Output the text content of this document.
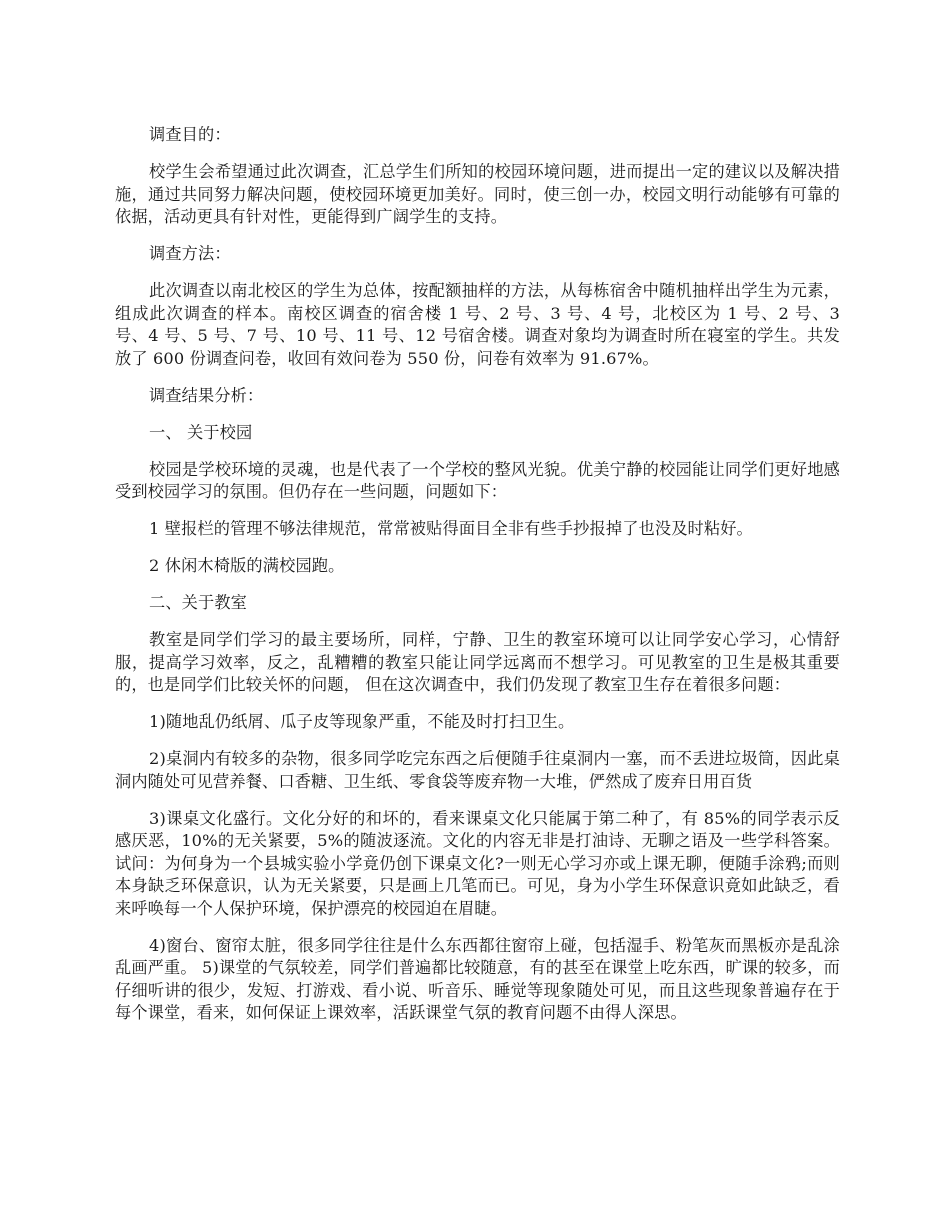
调查目的：

校学生会希望通过此次调查，汇总学生们所知的校园环境问题，进而提出一定的建议以及解决措施，通过共同努力解决问题，使校园环境更加美好。同时，使三创一办，校园文明行动能够有可靠的依据，活动更具有针对性，更能得到广阔学生的支持。

调查方法：

此次调查以南北校区的学生为总体，按配额抽样的方法，从每栋宿舍中随机抽样出学生为元素，组成此次调查的样本。南校区调查的宿舍楼 1 号、2 号、3 号、4 号，北校区为 1 号、2 号、3 号、4 号、5 号、7 号、10 号、11 号、12 号宿舍楼。调查对象均为调查时所在寝室的学生。共发放了 600 份调查问卷，收回有效问卷为 550 份，问卷有效率为 91.67%。

调查结果分析：

一、 关于校园

校园是学校环境的灵魂，也是代表了一个学校的整风光貌。优美宁静的校园能让同学们更好地感受到校园学习的氛围。但仍存在一些问题，问题如下：

1 壁报栏的管理不够法律规范，常常被贴得面目全非有些手抄报掉了也没及时粘好。

2 休闲木椅版的满校园跑。

二、关于教室

教室是同学们学习的最主要场所，同样，宁静、卫生的教室环境可以让同学安心学习，心情舒服，提高学习效率，反之，乱糟糟的教室只能让同学远离而不想学习。可见教室的卫生是极其重要的，也是同学们比较关怀的问题， 但在这次调查中，我们仍发现了教室卫生存在着很多问题：

1)随地乱仍纸屑、瓜子皮等现象严重，不能及时打扫卫生。

2)桌洞内有较多的杂物，很多同学吃完东西之后便随手往桌洞内一塞，而不丢进垃圾筒，因此桌洞内随处可见营养餐、口香糖、卫生纸、零食袋等废弃物一大堆，俨然成了废弃日用百货

3)课桌文化盛行。文化分好的和坏的，看来课桌文化只能属于第二种了，有 85%的同学表示反感厌恶，10%的无关紧要，5%的随波逐流。文化的内容无非是打油诗、无聊之语及一些学科答案。试问：为何身为一个县城实验小学竟仍创下课桌文化?一则无心学习亦或上课无聊，便随手涂鸦;而则本身缺乏环保意识，认为无关紧要，只是画上几笔而已。可见，身为小学生环保意识竟如此缺乏，看来呼唤每一个人保护环境，保护漂亮的校园迫在眉睫。

4)窗台、窗帘太脏，很多同学往往是什么东西都往窗帘上碰，包括湿手、粉笔灰而黑板亦是乱涂乱画严重。 5)课堂的气氛较差，同学们普遍都比较随意，有的甚至在课堂上吃东西，旷课的较多，而仔细听讲的很少，发短、打游戏、看小说、听音乐、睡觉等现象随处可见，而且这些现象普遍存在于每个课堂，看来，如何保证上课效率，活跃课堂气氛的教育问题不由得人深思。
